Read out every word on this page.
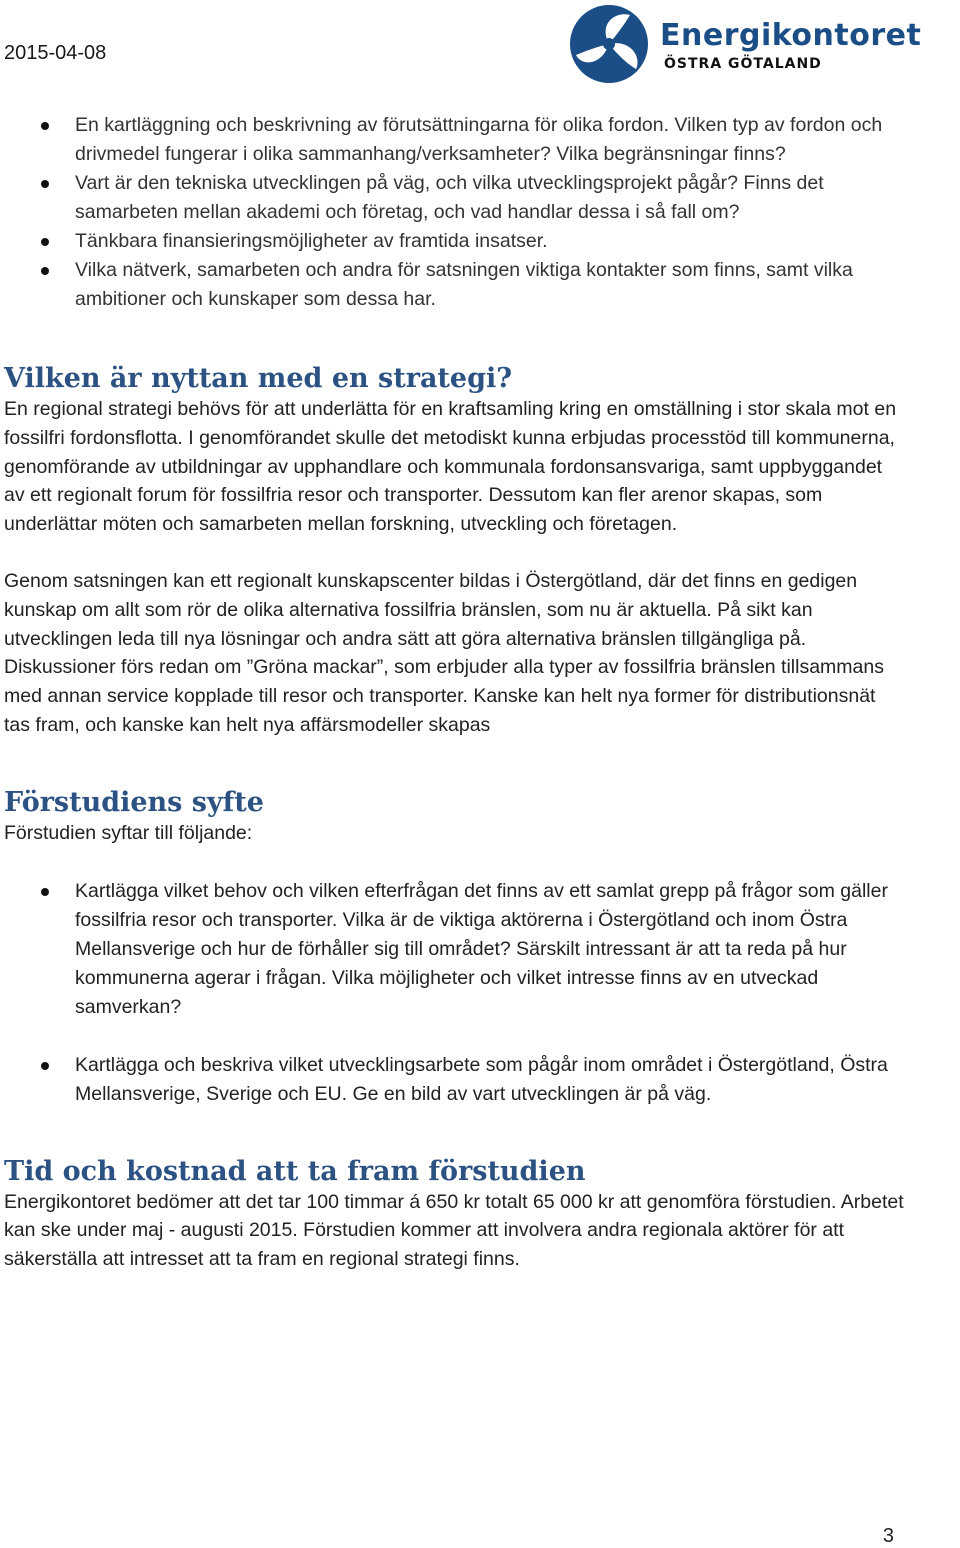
2015-04-08	Energikontoret
ÖSTRA GÖTALAND
En kartläggning och beskrivning av förutsättningarna för olika fordon. Vilken typ av fordon och drivmedel fungerar i olika sammanhang/verksamheter? Vilka begränsningar finns?
Vart är den tekniska utvecklingen på väg, och vilka utvecklingsprojekt pågår? Finns det samarbeten mellan akademi och företag, och vad handlar dessa i så fall om?
Tänkbara finansieringsmöjligheter av framtida insatser.
Vilka nätverk, samarbeten och andra för satsningen viktiga kontakter som finns, samt vilka ambitioner och kunskaper som dessa har.
Vilken är nyttan med en strategi?

En regional strategi behövs för att underlätta för en kraftsamling kring en omställning i stor skala mot en fossilfri fordonsflotta. I genomförandet skulle det metodiskt kunna erbjudas processtöd till kommunerna, genomförande av utbildningar av upphandlare och kommunala fordonsansvariga, samt uppbyggandet av ett regionalt forum för fossilfria resor och transporter. Dessutom kan fler arenor skapas, som underlättar möten och samarbeten mellan forskning, utveckling och företagen.

Genom satsningen kan ett regionalt kunskapscenter bildas i Östergötland, där det finns en gedigen kunskap om allt som rör de olika alternativa fossilfria bränslen, som nu är aktuella. På sikt kan utvecklingen leda till nya lösningar och andra sätt att göra alternativa bränslen tillgängliga på. Diskussioner förs redan om ”Gröna mackar”, som erbjuder alla typer av fossilfria bränslen tillsammans med annan service kopplade till resor och transporter. Kanske kan helt nya former för distributionsnät tas fram, och kanske kan helt nya affärsmodeller skapas

Förstudiens syfte

Förstudien syftar till följande:

Kartlägga vilket behov och vilken efterfrågan det finns av ett samlat grepp på frågor som gäller fossilfria resor och transporter. Vilka är de viktiga aktörerna i Östergötland och inom Östra Mellansverige och hur de förhåller sig till området? Särskilt intressant är att ta reda på hur kommunerna agerar i frågan. Vilka möjligheter och vilket intresse finns av en utveckad samverkan?
Kartlägga och beskriva vilket utvecklingsarbete som pågår inom området i Östergötland, Östra Mellansverige, Sverige och EU. Ge en bild av vart utvecklingen är på väg.
Tid och kostnad att ta fram förstudien

Energikontoret bedömer att det tar 100 timmar á 650 kr totalt 65 000 kr att genomföra förstudien. Arbetet kan ske under maj - augusti 2015. Förstudien kommer att involvera andra regionala aktörer för att säkerställa att intresset att ta fram en regional strategi finns.

3
